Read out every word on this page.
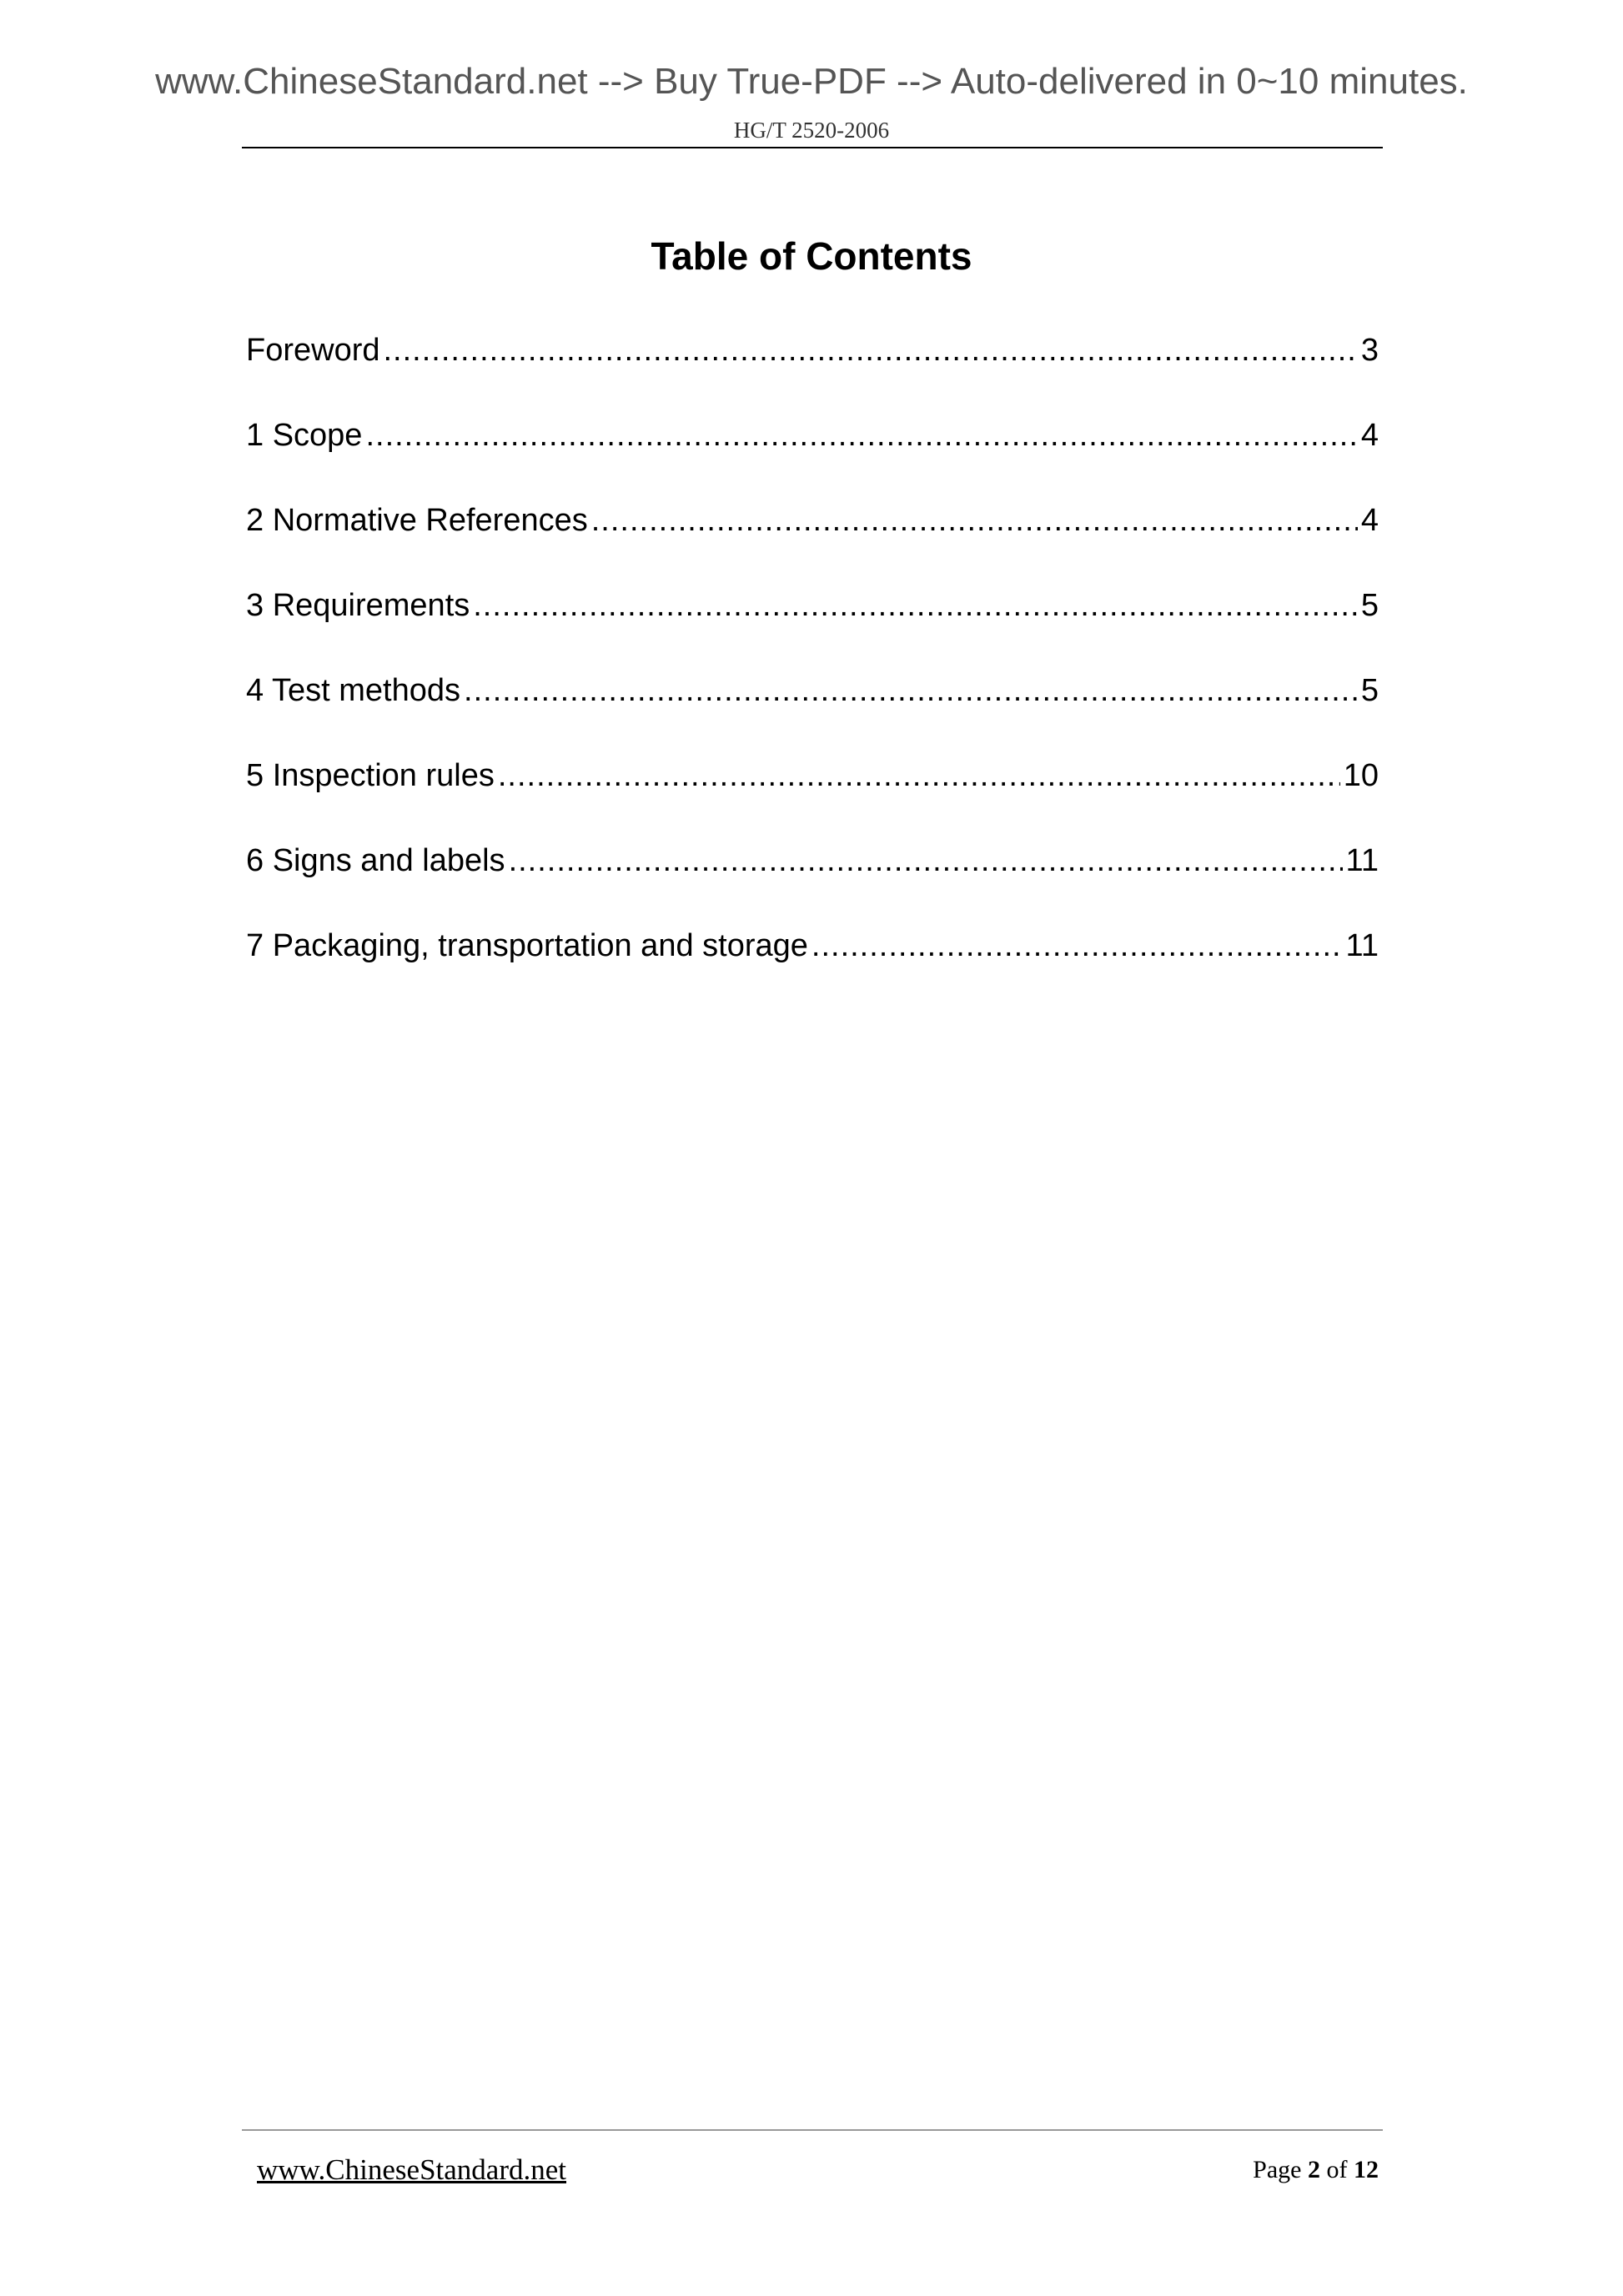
www.ChineseStandard.net --> Buy True-PDF --> Auto-delivered in 0~10 minutes.
HG/T 2520-2006
Table of Contents
Foreword .....	3
1 Scope .....	4
2 Normative References .....	4
3 Requirements .....	5
4 Test methods .....	5
5 Inspection rules .....	10
6 Signs and labels .....	11
7 Packaging, transportation and storage .....	11
www.ChineseStandard.net	Page 2 of 12
